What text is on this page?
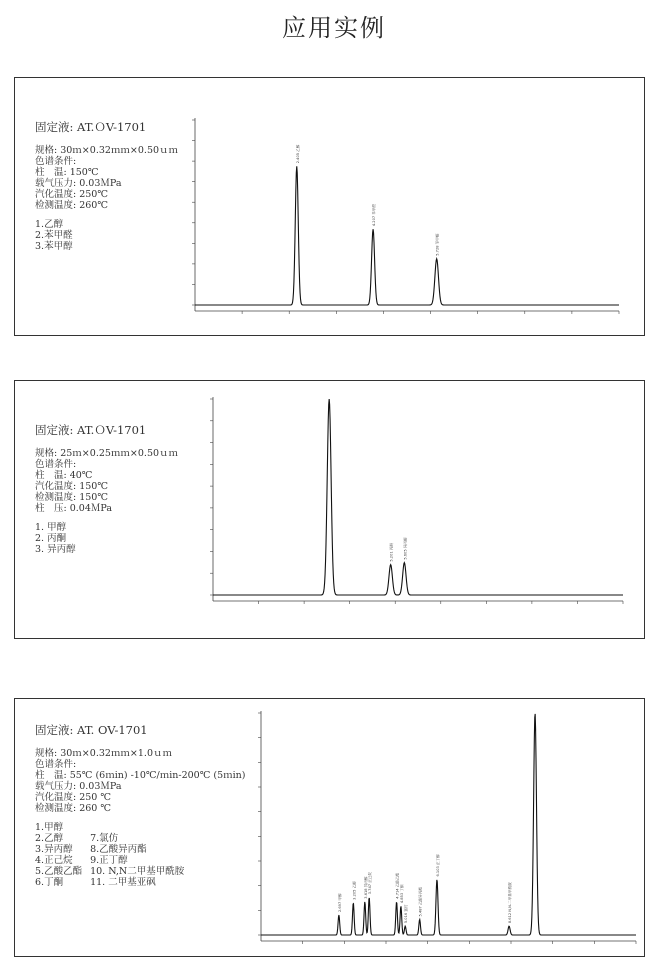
应用实例
固定液: AT.ＯV-1701
规格: 30ｍ×0.32ｍｍ×0.50ｕｍ
色谱条件:
柱　温: 150℃
载气压力: 0.03ＭPa
汽化温度: 250℃
检测温度: 260℃
1.乙醇
2.苯甲醛
3.苯甲醇
2.405 乙醇
4.207 苯甲醛
5.728 苯甲醇
固定液: AT.ＯV-1701
规格: 25ｍ×0.25ｍｍ×0.50ｕｍ
色谱条件:
柱　温: 40℃
汽化温度: 150℃
检测温度: 150℃
柱　压: 0.04ＭPa
1. 甲醇
2. 丙酮
3. 异丙醇	5.201 丙酮	5.605 异丙醇
固定液: AT. OV-1701
规格: 30ｍ×0.32ｍｍ×1.0ｕｍ
色谱条件:
柱　温: 55℃ (6ｍin) -10℃/ｍin-200℃ (5ｍin)
载气压力: 0.03ＭPa
汽化温度: 250 ℃
检测温度: 260 ℃
1.甲醇
2.乙醇
3.异丙醇
4.正己烷
5.乙酸乙酯
6.丁酮
7.氯仿
8.乙酸异丙酯
9.正丁醇
10. N,N二甲基甲酰胺
11. 二甲基亚砜
2.697 甲醇
3.205 乙醇 3.618 异丙醇 3.747 正己烷	4.714 乙酸乙酯 4.853 丁酮
5.016 氯仿	5.487 乙酸异丙酯
6.103 正丁醇
8.612 N,N-二甲基甲酰胺
